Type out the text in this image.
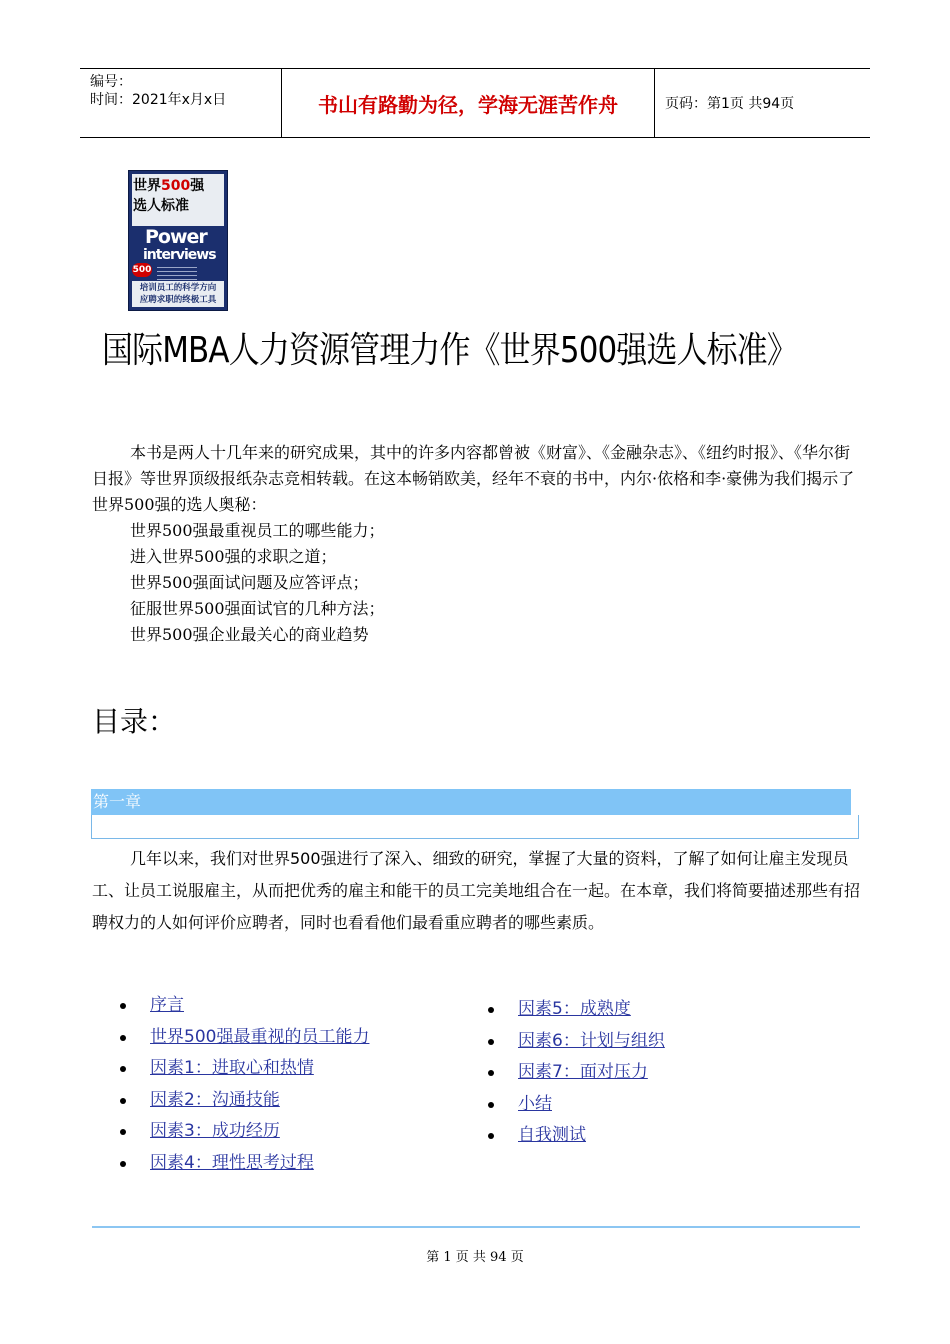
编号：
时间：2021年x月x日	书山有路勤为径，学海无涯苦作舟	页码：第1页 共94页
世界500强
选人标准
Power
interviews
500
培训员工的科学方向
应聘求职的终极工具
国际MBA人力资源管理力作《世界500强选人标准》

本书是两人十几年来的研究成果，其中的许多内容都曾被《财富》、《金融杂志》、《纽约时报》、《华尔街日报》等世界顶级报纸杂志竞相转载。在这本畅销欧美，经年不衰的书中，内尔·依格和李·豪佛为我们揭示了世界500强的选人奥秘：

世界500强最重视员工的哪些能力；

进入世界500强的求职之道；

世界500强面试问题及应答评点；

征服世界500强面试官的几种方法；

世界500强企业最关心的商业趋势

目录：
第一章
几年以来，我们对世界500强进行了深入、细致的研究，掌握了大量的资料，了解了如何让雇主发现员工、让员工说服雇主，从而把优秀的雇主和能干的员工完美地组合在一起。在本章，我们将简要描述那些有招聘权力的人如何评价应聘者，同时也看看他们最看重应聘者的哪些素质。
序言
世界500强最重视的员工能力
因素1：进取心和热情
因素2：沟通技能
因素3：成功经历
因素4：理性思考过程
因素5：成熟度
因素6：计划与组织
因素7：面对压力
小结
自我测试
第 1 页 共 94 页
